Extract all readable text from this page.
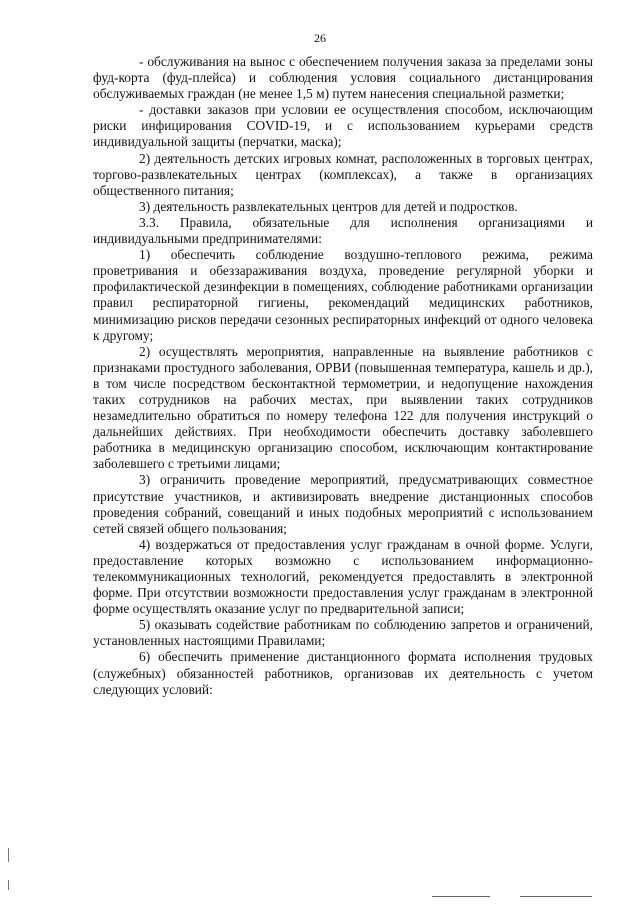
26

- обслуживания на вынос с обеспечением получения заказа за пределами зоны фуд-корта (фуд-плейса) и соблюдения условия социального дистанцирования обслуживаемых граждан (не менее 1,5 м) путем нанесения специальной разметки;

- доставки заказов при условии ее осуществления способом, исключающим риски инфицирования COVID-19, и с использованием курьерами средств индивидуальной защиты (перчатки, маска);

2) деятельность детских игровых комнат, расположенных в торговых центрах, торгово-развлекательных центрах (комплексах), а также в организациях общественного питания;

3) деятельность развлекательных центров для детей и подростков.

3.3. Правила, обязательные для исполнения организациями и индивидуальными предпринимателями:

1) обеспечить соблюдение воздушно-теплового режима, режима проветривания и обеззараживания воздуха, проведение регулярной уборки и профилактической дезинфекции в помещениях, соблюдение работниками организации правил респираторной гигиены, рекомендаций медицинских работников, минимизацию рисков передачи сезонных респираторных инфекций от одного человека к другому;

2) осуществлять мероприятия, направленные на выявление работников с признаками простудного заболевания, ОРВИ (повышенная температура, кашель и др.), в том числе посредством бесконтактной термометрии, и недопущение нахождения таких сотрудников на рабочих местах, при выявлении таких сотрудников незамедлительно обратиться по номеру телефона 122 для получения инструкций о дальнейших действиях. При необходимости обеспечить доставку заболевшего работника в медицинскую организацию способом, исключающим контактирование заболевшего с третьими лицами;

3) ограничить проведение мероприятий, предусматривающих совместное присутствие участников, и активизировать внедрение дистанционных способов проведения собраний, совещаний и иных подобных мероприятий с использованием сетей связей общего пользования;

4) воздержаться от предоставления услуг гражданам в очной форме. Услуги, предоставление которых возможно с использованием информационно-телекоммуникационных технологий, рекомендуется предоставлять в электронной форме. При отсутствии возможности предоставления услуг гражданам в электронной форме осуществлять оказание услуг по предварительной записи;

5) оказывать содействие работникам по соблюдению запретов и ограничений, установленных настоящими Правилами;

6) обеспечить применение дистанционного формата исполнения трудовых (служебных) обязанностей работников, организовав их деятельность с учетом следующих условий:
